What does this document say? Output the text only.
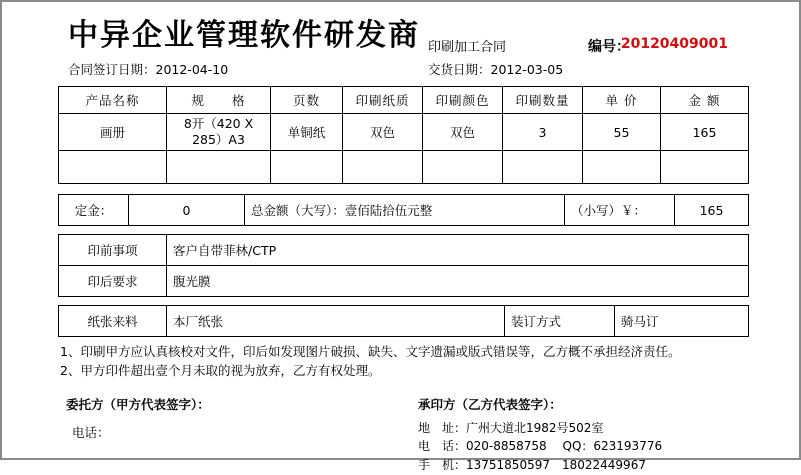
中异企业管理软件研发商 印刷加工合同	编号：
20120409001
合同签订日期：2012-04-10	交货日期：2012-03-05
产品名称	规　　格	页数	印刷纸质	印刷颜色	印刷数量	单 价	金 额
画册	8开（420 X 285）A3	单铜纸	双色	双色	3	55	165

定金：	0	总金额（大写）：壹佰陆拾伍元整	（小写）￥：	165
印前事项	客户自带菲林/CTP
印后要求	腹光膜
纸张来料	本厂纸张	装订方式	骑马订
1、印刷甲方应认真核校对文件，印后如发现图片破损、缺失、文字遗漏或版式错误等，乙方概不承担经济责任。
2、甲方印件超出壹个月未取的视为放弃，乙方有权处理。
委托方（甲方代表签字）：
电话：
承印方（乙方代表签字）：
地　址：广州大道北1982号502室
电　话：020-8858758　 QQ：623193776
手　机：13751850597　18022449967
